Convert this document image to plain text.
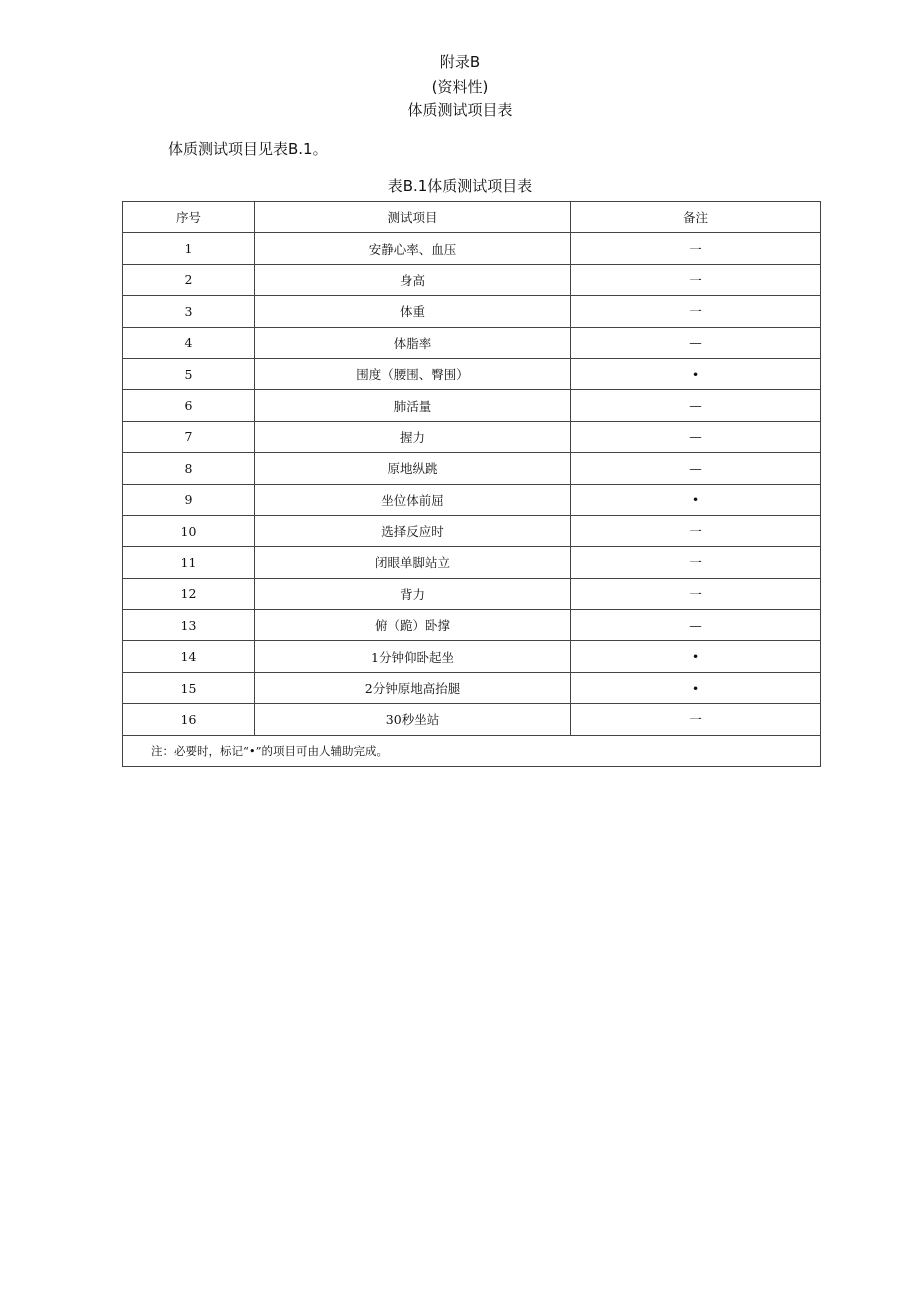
附录B
(资料性)
体质测试项目表
体质测试项目见表B.1。
表B.1体质测试项目表
序号	测试项目	备注
1	安静心率、血压	一
2	身高	一
3	体重	一
4	体脂率	—
5	围度（腰围、臀围）	•
6	肺活量	—
7	握力	—
8	原地纵跳	—
9	坐位体前屈	•
10	选择反应时	一
11	闭眼单脚站立	一
12	背力	一
13	俯（跪）卧撑	—
14	1分钟仰卧起坐	•
15	2分钟原地高抬腿	•
16	30秒坐站	一
注：必要时，标记“•”的项目可由人辅助完成。		
